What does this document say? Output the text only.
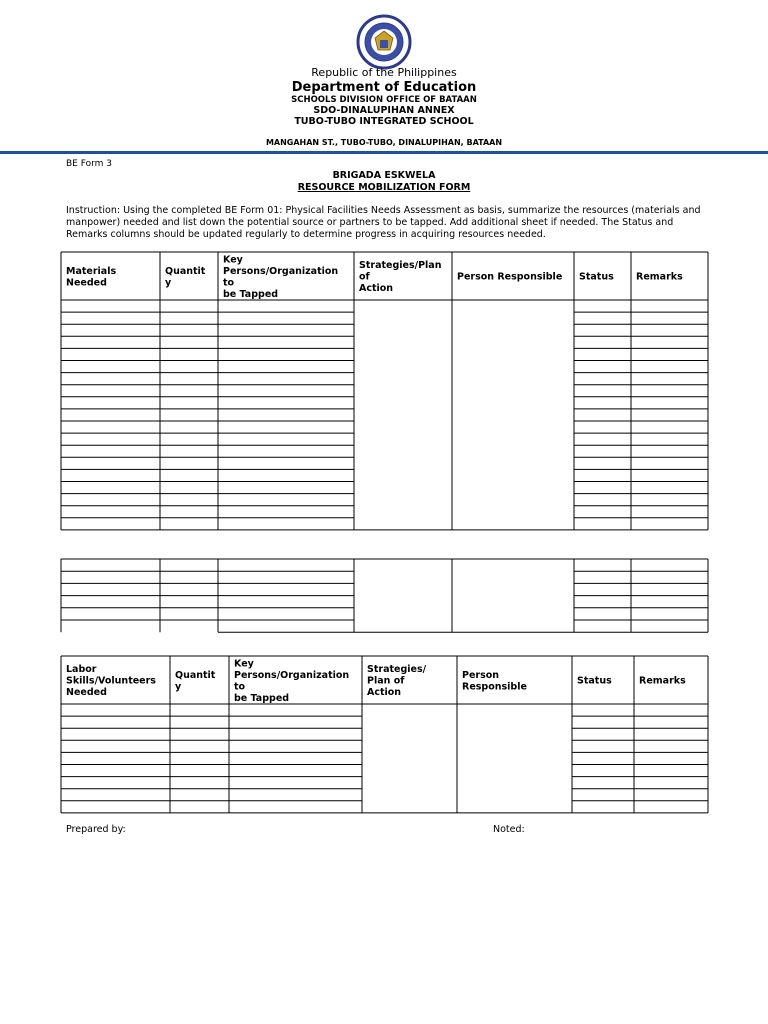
Republic of the Philippines
Department of Education
SCHOOLS DIVISION OFFICE OF BATAAN
SDO-DINALUPIHAN ANNEX
TUBO-TUBO INTEGRATED SCHOOL
MANGAHAN ST., TUBO-TUBO, DINALUPIHAN, BATAAN
BE Form 3
BRIGADA ESKWELA
RESOURCE MOBILIZATION FORM
Instruction: Using the completed BE Form 01: Physical Facilities Needs Assessment as basis, summarize the resources (materials and manpower) needed and list down the potential source or partners to be tapped. Add additional sheet if needed. The Status and Remarks columns should be updated regularly to determine progress in acquiring resources needed.
Materials Needed
Quantit y
Key Persons/Organization to be Tapped
Strategies/Plan of Action
Person Responsible Status Remarks
Labor Skills/Volunteers Needed
Quantit y
Key Persons/Organization to be Tapped
Strategies/ Plan of Action
Person Responsible
Status	Remarks
Prepared by:	Noted:
